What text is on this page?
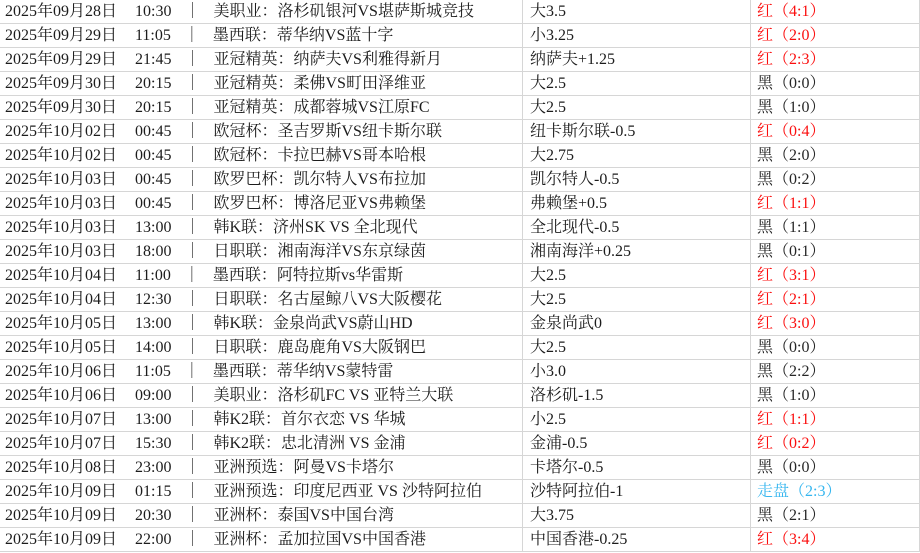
2025年09月28日 10:30 ｜ 美职业：洛杉矶银河VS堪萨斯城竞技	大3.5	红（4:1）
2025年09月29日 11:05 ｜ 墨西联：蒂华纳VS蓝十字	小3.25	红（2:0）
2025年09月29日 21:45 ｜ 亚冠精英：纳萨夫VS利雅得新月	纳萨夫+1.25	红（2:3）
2025年09月30日 20:15 ｜ 亚冠精英：柔佛VS町田泽维亚	大2.5	黑（0:0）
2025年09月30日 20:15 ｜ 亚冠精英：成都蓉城VS江原FC	大2.5	黑（1:0）
2025年10月02日 00:45 ｜ 欧冠杯：圣吉罗斯VS纽卡斯尔联	纽卡斯尔联-0.5	红（0:4）
2025年10月02日 00:45 ｜ 欧冠杯：卡拉巴赫VS哥本哈根	大2.75	黑（2:0）
2025年10月03日 00:45 ｜ 欧罗巴杯：凯尔特人VS布拉加	凯尔特人-0.5	黑（0:2）
2025年10月03日 00:45 ｜ 欧罗巴杯：博洛尼亚VS弗赖堡	弗赖堡+0.5	红（1:1）
2025年10月03日 13:00 ｜ 韩K联：济州SK VS 全北现代	全北现代-0.5	黑（1:1）
2025年10月03日 18:00 ｜ 日职联：湘南海洋VS东京绿茵	湘南海洋+0.25	黑（0:1）
2025年10月04日 11:00 ｜ 墨西联：阿特拉斯vs华雷斯	大2.5	红（3:1）
2025年10月04日 12:30 ｜ 日职联：名古屋鲸八VS大阪樱花	大2.5	红（2:1）
2025年10月05日 13:00 ｜ 韩K联：金泉尚武VS蔚山HD	金泉尚武0	红（3:0）
2025年10月05日 14:00 ｜ 日职联：鹿岛鹿角VS大阪钢巴	大2.5	黑（0:0）
2025年10月06日 11:05 ｜ 墨西联：蒂华纳VS蒙特雷	小3.0	黑（2:2）
2025年10月06日 09:00 ｜ 美职业：洛杉矶FC VS 亚特兰大联	洛杉矶-1.5	黑（1:0）
2025年10月07日 13:00 ｜ 韩K2联：首尔衣恋 VS 华城	小2.5	红（1:1）
2025年10月07日 15:30 ｜ 韩K2联：忠北清洲 VS 金浦	金浦-0.5	红（0:2）
2025年10月08日 23:00 ｜ 亚洲预选：阿曼VS卡塔尔	卡塔尔-0.5	黑（0:0）
2025年10月09日 01:15 ｜ 亚洲预选：印度尼西亚 VS 沙特阿拉伯	沙特阿拉伯-1	走盘（2:3）
2025年10月09日 20:30 ｜ 亚洲杯：泰国VS中国台湾	大3.75	黑（2:1）
2025年10月09日 22:00 ｜ 亚洲杯：孟加拉国VS中国香港	中国香港-0.25	红（3:4）
